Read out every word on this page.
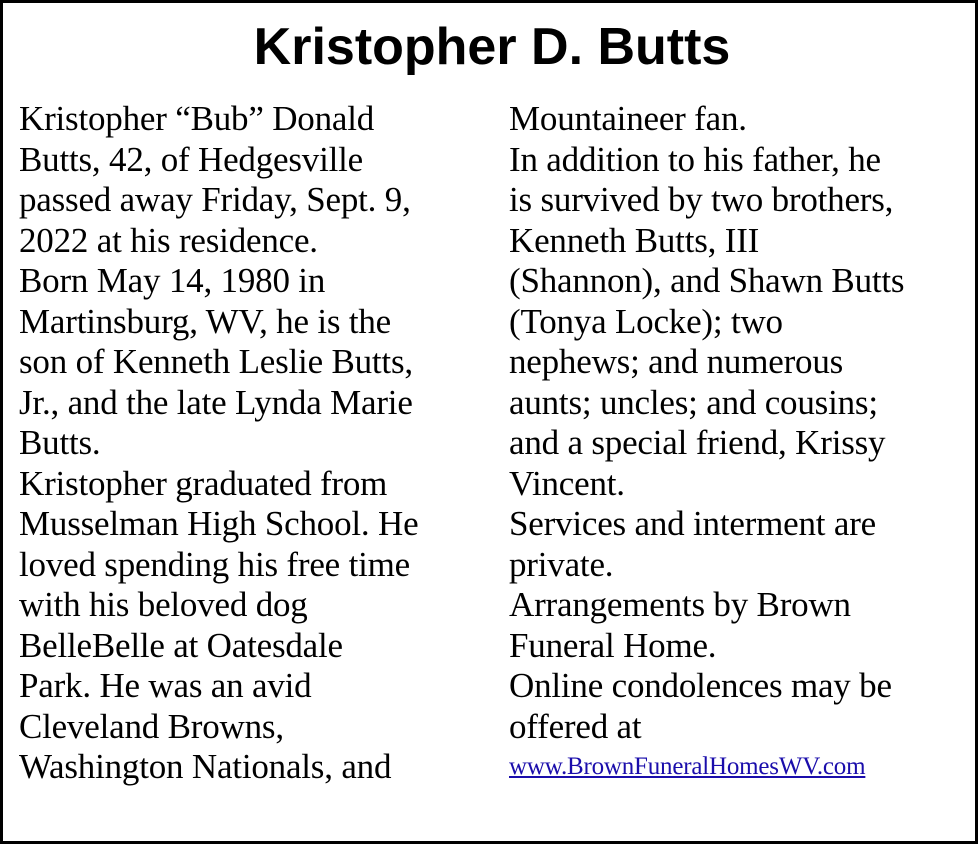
Kristopher D. Butts
Kristopher “Bub” Donald
Butts, 42, of Hedgesville
passed away Friday, Sept. 9,
2022 at his residence.
Born May 14, 1980 in
Martinsburg, WV, he is the
son of Kenneth Leslie Butts,
Jr., and the late Lynda Marie
Butts.
Kristopher graduated from
Musselman High School. He
loved spending his free time
with his beloved dog
BelleBelle at Oatesdale
Park. He was an avid
Cleveland Browns,
Washington Nationals, and
Mountaineer fan.
In addition to his father, he
is survived by two brothers,
Kenneth Butts, III
(Shannon), and Shawn Butts
(Tonya Locke); two
nephews; and numerous
aunts; uncles; and cousins;
and a special friend, Krissy
Vincent.
Services and interment are
private.
Arrangements by Brown
Funeral Home.
Online condolences may be
offered at
www.BrownFuneralHomesWV.com
